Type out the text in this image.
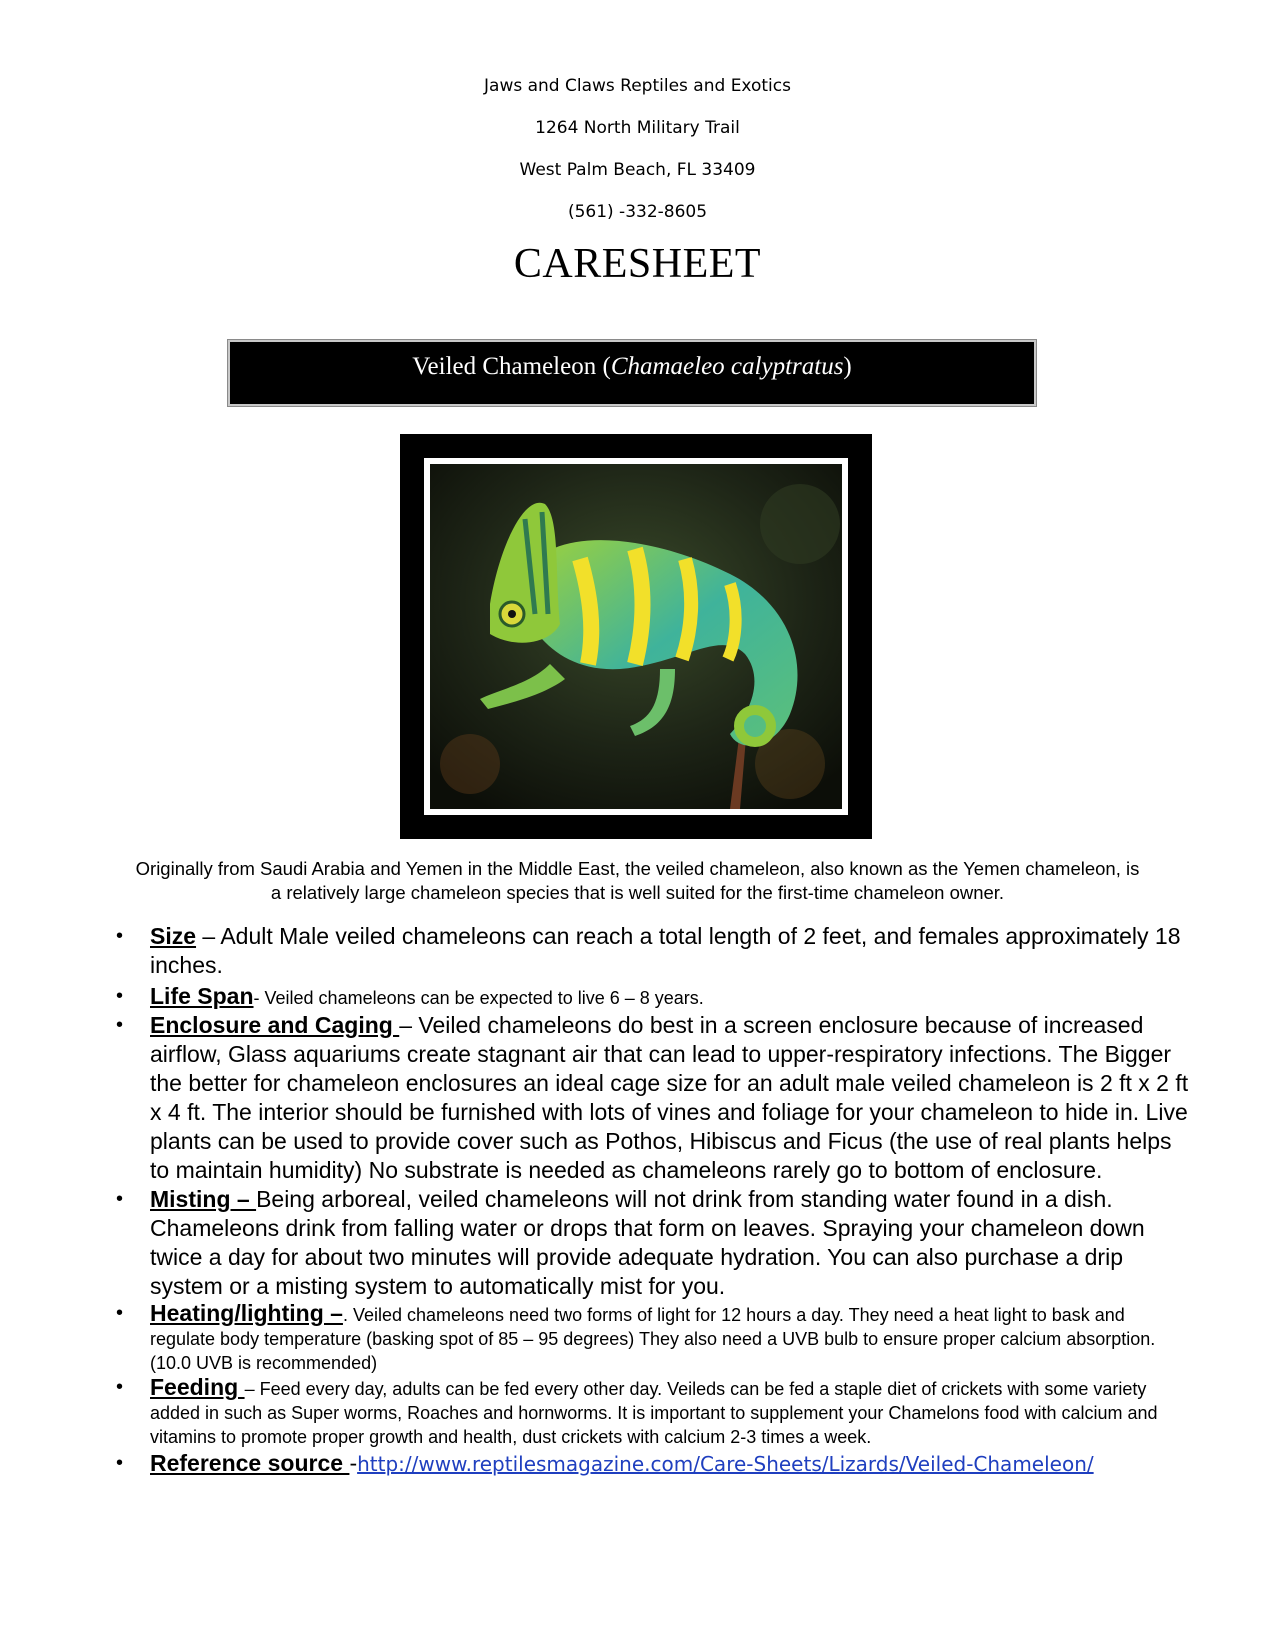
Jaws and Claws Reptiles and Exotics
1264 North Military Trail
West Palm Beach, FL 33409
(561) -332-8605
CARESHEET
Veiled Chameleon (Chamaeleo calyptratus)
Originally from Saudi Arabia and Yemen in the Middle East, the veiled chameleon, also known as the Yemen chameleon, is a relatively large chameleon species that is well suited for the first-time chameleon owner.
• Size – Adult Male veiled chameleons can reach a total length of 2 feet, and females approximately 18 inches.
• Life Span- Veiled chameleons can be expected to live 6 – 8 years.
• Enclosure and Caging – Veiled chameleons do best in a screen enclosure because of increased airflow, Glass aquariums create stagnant air that can lead to upper-respiratory infections. The Bigger the better for chameleon enclosures an ideal cage size for an adult male veiled chameleon is 2 ft x 2 ft x 4 ft. The interior should be furnished with lots of vines and foliage for your chameleon to hide in. Live plants can be used to provide cover such as Pothos, Hibiscus and Ficus (the use of real plants helps to maintain humidity) No substrate is needed as chameleons rarely go to bottom of enclosure.
• Misting – Being arboreal, veiled chameleons will not drink from standing water found in a dish. Chameleons drink from falling water or drops that form on leaves. Spraying your chameleon down twice a day for about two minutes will provide adequate hydration. You can also purchase a drip system or a misting system to automatically mist for you.
• Heating/lighting –. Veiled chameleons need two forms of light for 12 hours a day. They need a heat light to bask and regulate body temperature (basking spot of 85 – 95 degrees) They also need a UVB bulb to ensure proper calcium absorption. (10.0 UVB is recommended)
• Feeding – Feed every day, adults can be fed every other day. Veileds can be fed a staple diet of crickets with some variety added in such as Super worms, Roaches and hornworms. It is important to supplement your Chamelons food with calcium and vitamins to promote proper growth and health, dust crickets with calcium 2-3 times a week.
• Reference source -http://www.reptilesmagazine.com/Care-Sheets/Lizards/Veiled-Chameleon/
